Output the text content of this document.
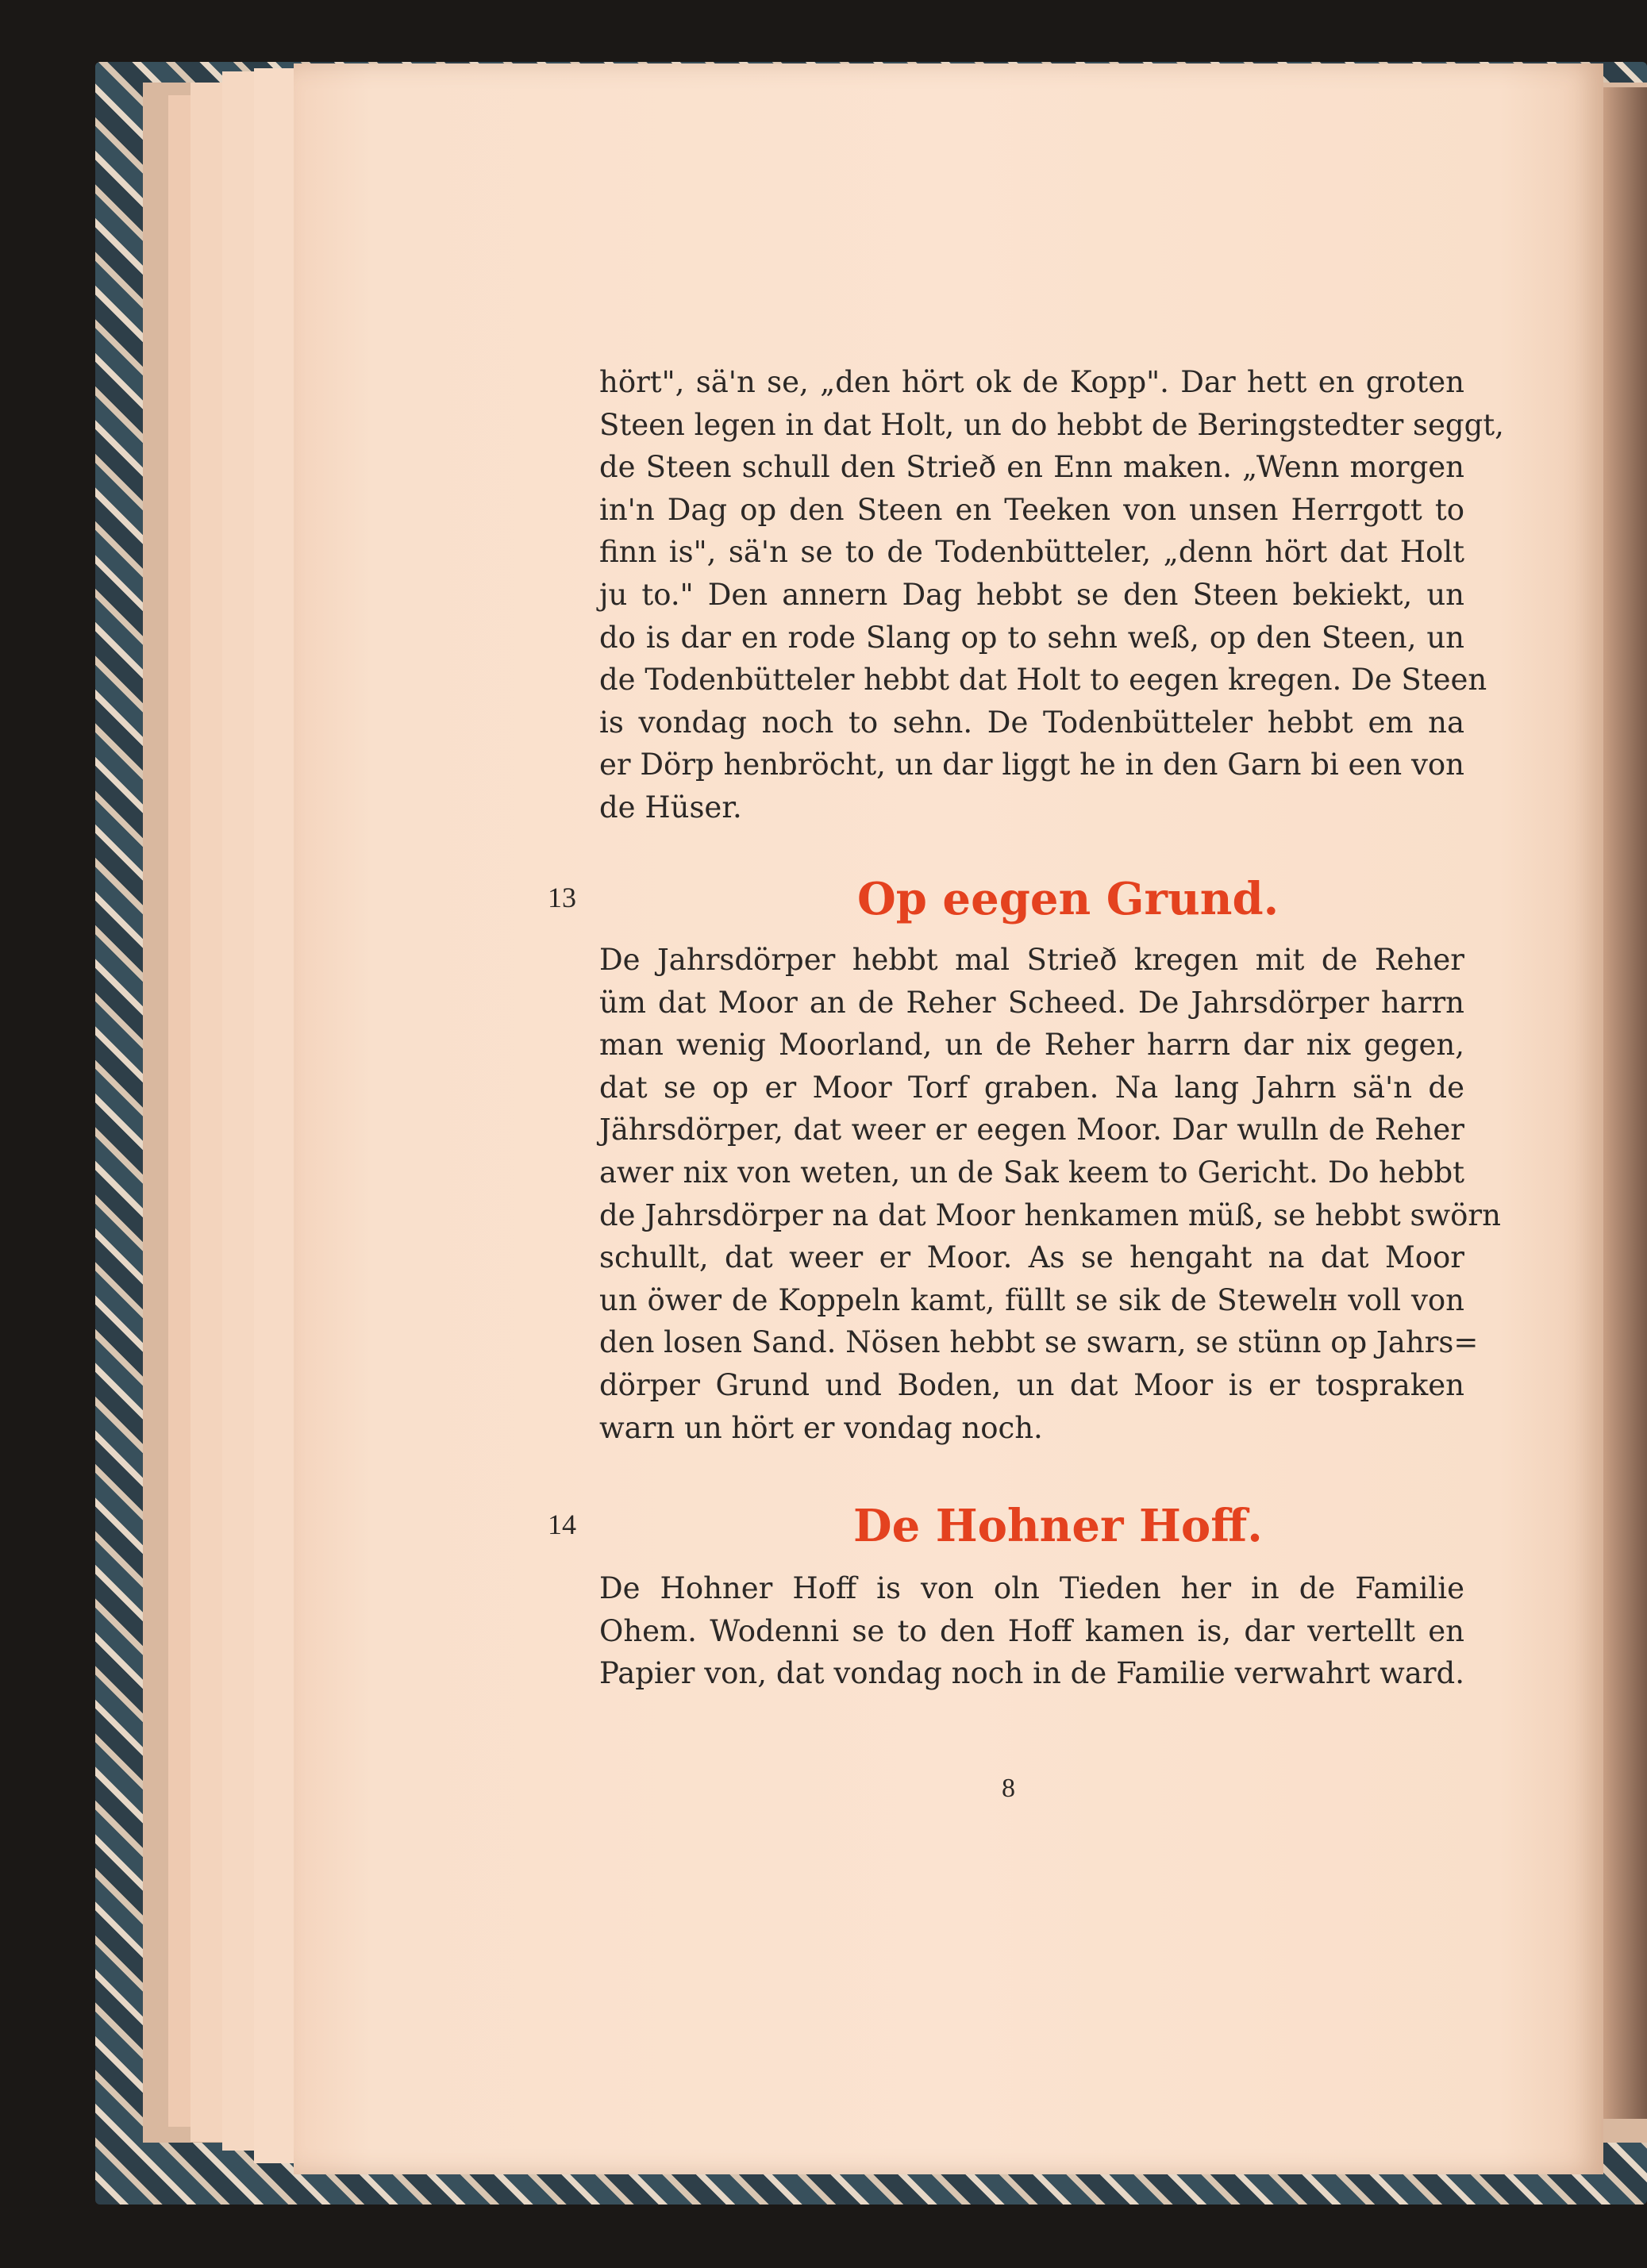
hört", sä'n se, „den hört ok de Kopp". Dar hett en groten
Steen legen in dat Holt, un do hebbt de Beringstedter seggt,
de Steen schull den Strieð en Enn maken. „Wenn morgen
in'n Dag op den Steen en Teeken von unsen Herrgott to
finn is", sä'n se to de Todenbütteler, „denn hört dat Holt
ju to." Den annern Dag hebbt se den Steen bekiekt, un
do is dar en rode Slang op to sehn weß, op den Steen, un
de Todenbütteler hebbt dat Holt to eegen kregen. De Steen
is vondag noch to sehn. De Todenbütteler hebbt em na
er Dörp henbröcht, un dar liggt he in den Garn bi een von
de Hüser.
13	Op eegen Grund.
De Jahrsdörper hebbt mal Strieð kregen mit de Reher
üm dat Moor an de Reher Scheed. De Jahrsdörper harrn
man wenig Moorland, un de Reher harrn dar nix gegen,
dat se op er Moor Torf graben. Na lang Jahrn sä'n de
Jährsdörper, dat weer er eegen Moor. Dar wulln de Reher
awer nix von weten, un de Sak keem to Gericht. Do hebbt
de Jahrsdörper na dat Moor henkamen müß, se hebbt swörn
schullt, dat weer er Moor. As se hengaht na dat Moor
un öwer de Koppeln kamt, füllt se sik de Stewelн voll von
den losen Sand. Nösen hebbt se swarn, se stünn op Jahrs=
dörper Grund und Boden, un dat Moor is er tospraken
warn un hört er vondag noch.
14	De Hohner Hoff.
De Hohner Hoff is von oln Tieden her in de Familie
Ohem. Wodenni se to den Hoff kamen is, dar vertellt en
Papier von, dat vondag noch in de Familie verwahrt ward.
8
